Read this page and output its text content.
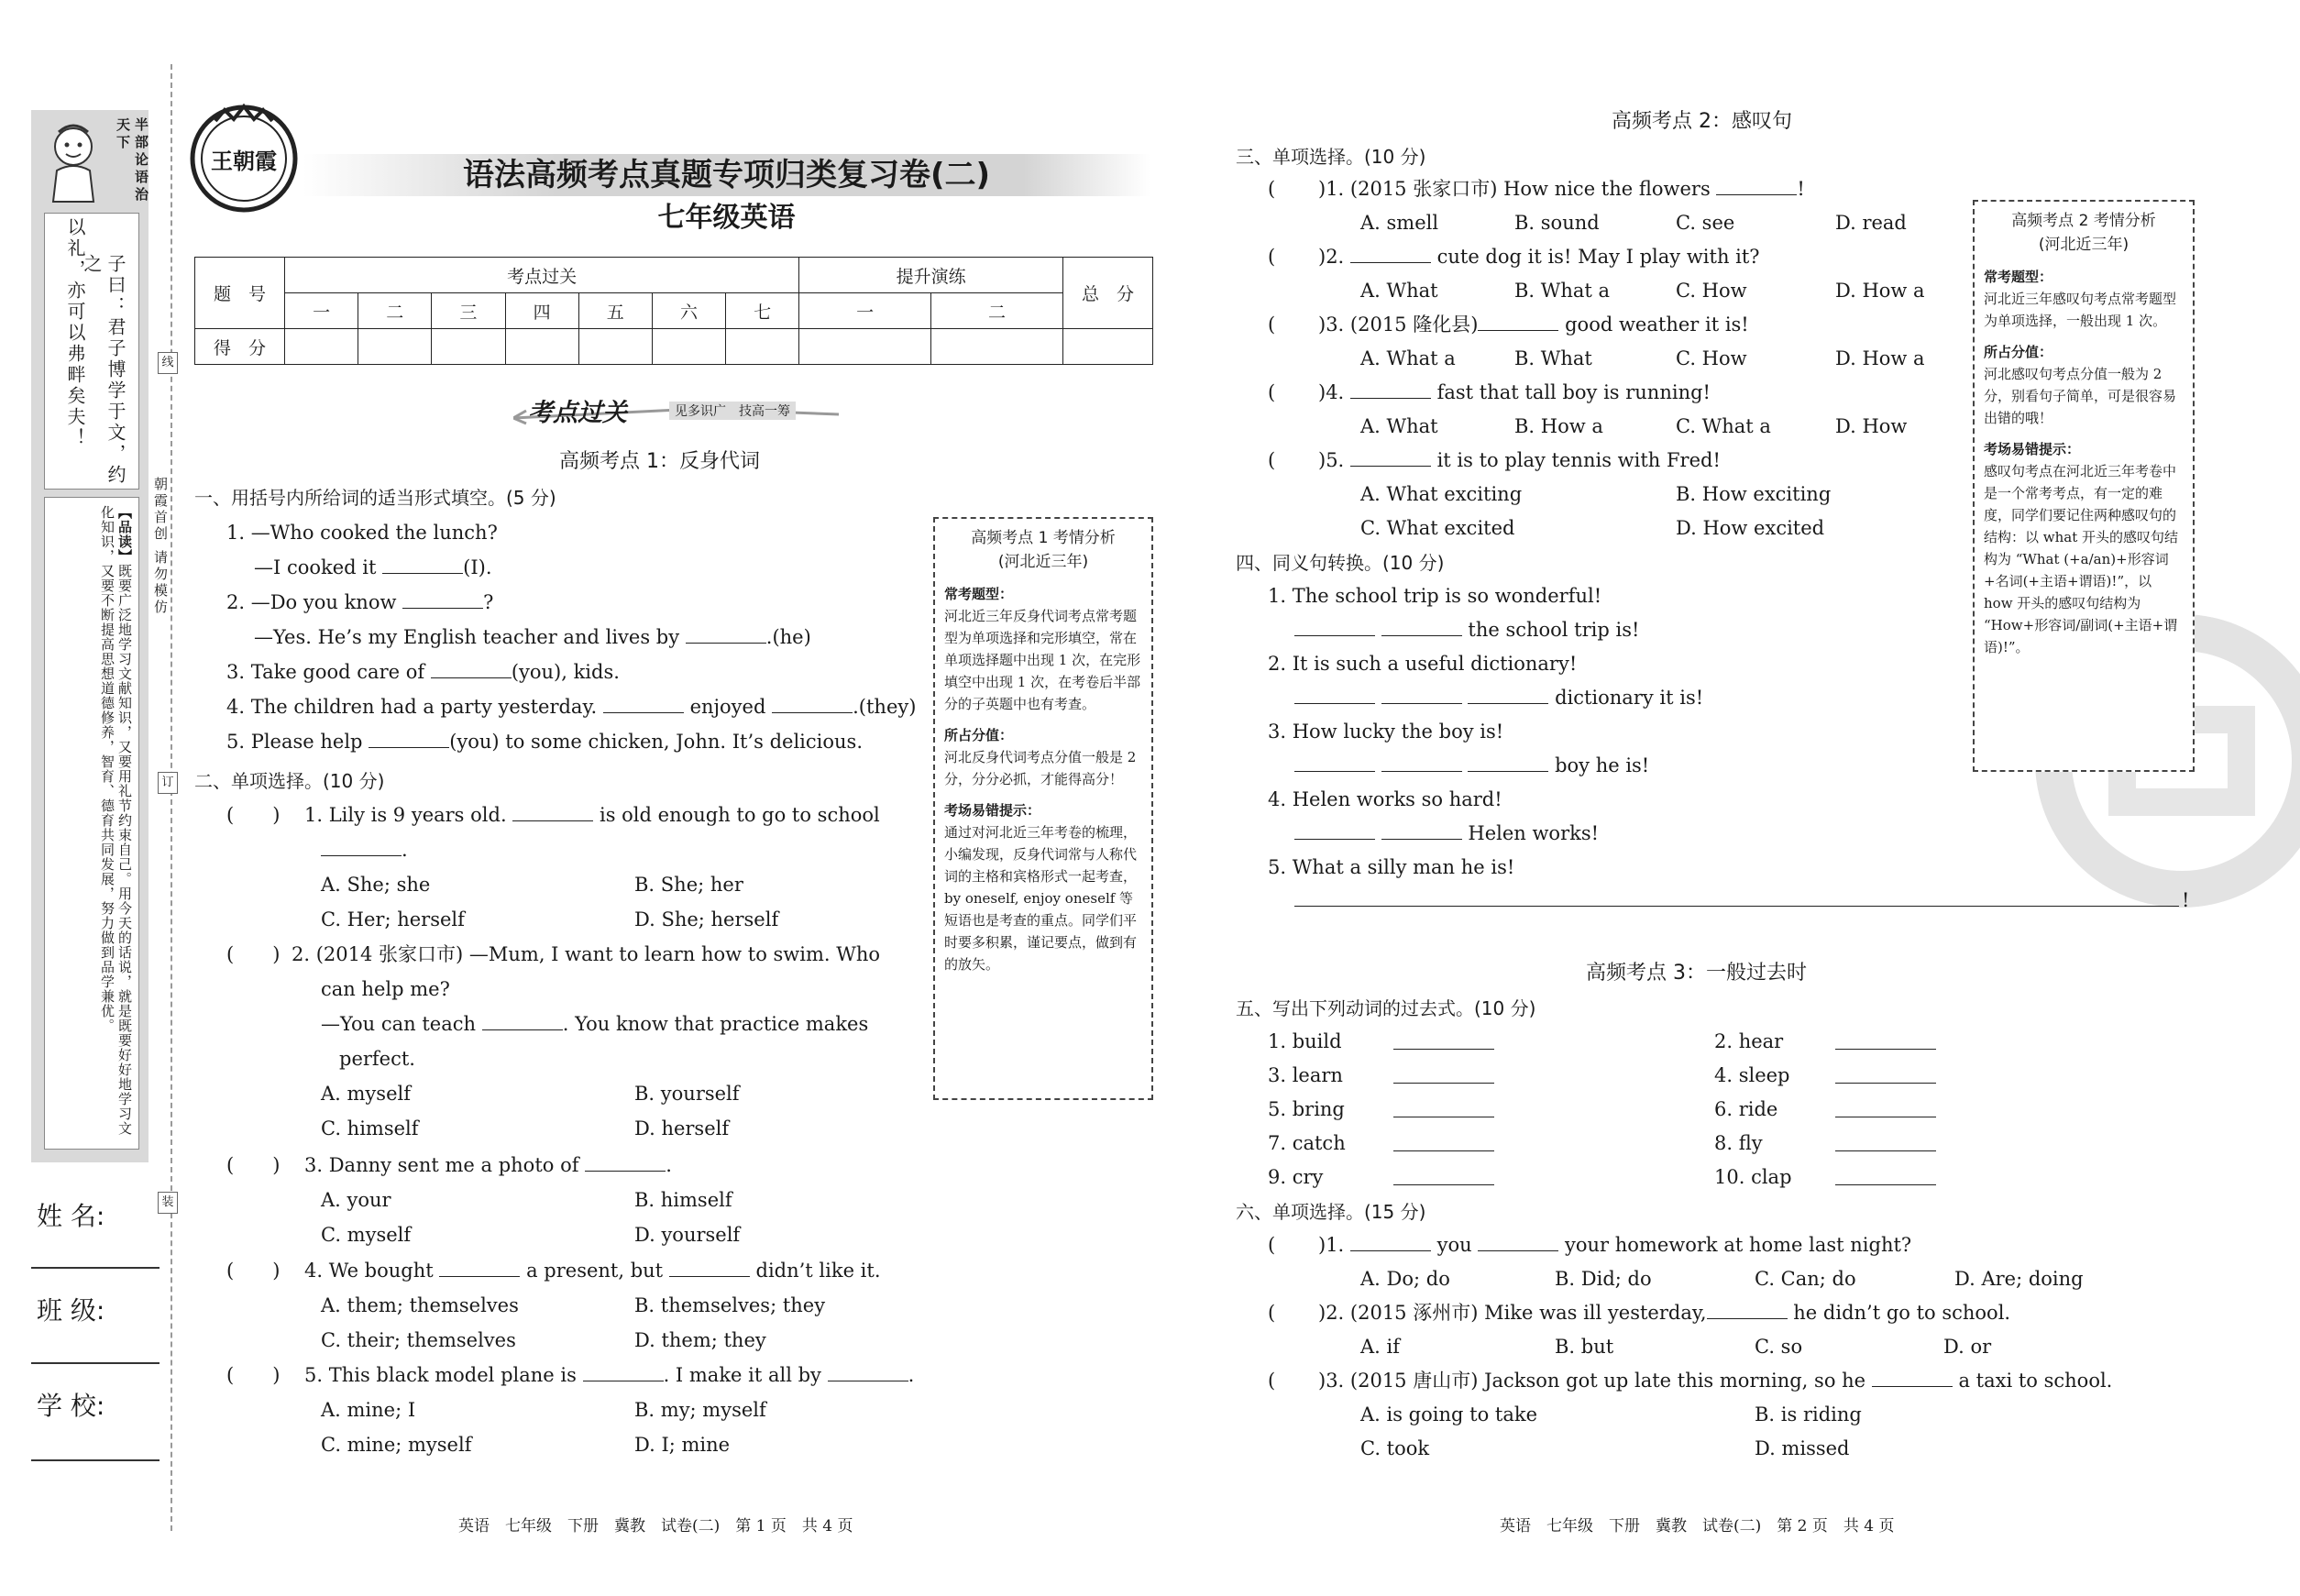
半部论语治天下
子曰：君子博学于文，约之
以礼，亦可以弗畔矣夫！
【品读】既要广泛地学习文献知识，又要用礼节约束自己。用今天的话说，就是既要好好地学习文化知识，又要不断提高思想道德修养，智育、德育共同发展，努力做到品学兼优。	朝霞首创 请勿模仿
线
订
装
姓 名:
班 级:
学 校:
王朝霞	语法高频考点真题专项归类复习卷(二)
七年级英语
题　号	考点过关							提升演练		总　分
	一	二	三	四	五	六	七	一	二	
得　分										
考点过关	见多识广　技高一筹
高频考点 1：反身代词
一、用括号内所给词的适当形式填空。(5 分)
1. —Who cooked the lunch?
—I cooked it	(I).
2. —Do you know	?
—Yes. He’s my English teacher and lives by	.(he)
3. Take good care of	(you), kids.
4. The children had a party yesterday.	enjoyed	.(they)
5. Please help	(you) to some chicken, John. It’s delicious.
二、单项选择。(10 分)
(　　) 1. Lily is 9 years old.	is old enough to go to school
.
A. She; she	B. She; her
C. Her; herself	D. She; herself
(　　) 2. (2014 张家口市) —Mum, I want to learn how to swim. Who
can help me?
—You can teach	. You know that practice makes
perfect.
A. myself	B. yourself
C. himself	D. herself
(　　) 3. Danny sent me a photo of	.
A. your	B. himself
C. myself	D. yourself
(　　) 4. We bought	a present, but	didn’t like it.
A. them; themselves	B. themselves; they
C. their; themselves	D. them; they
(　　) 5. This black model plane is	. I make it all by	.
A. mine; I	B. my; myself
C. mine; myself	D. I; mine
高频考点 1 考情分析
(河北近三年)
常考题型：
河北近三年反身代词考点常考题型为单项选择和完形填空，常在单项选择题中出现 1 次，在完形填空中出现 1 次，在考卷后半部分的子英题中也有考查。
所占分值：
河北反身代词考点分值一般是 2 分，分分必抓，才能得高分！
考场易错提示：
通过对河北近三年考卷的梳理，小编发现，反身代词常与人称代词的主格和宾格形式一起考查，by oneself, enjoy oneself 等短语也是考查的重点。同学们平时要多积累，谨记要点，做到有的放矢。
英语　七年级　下册　冀教　试卷(二)　第 1 页　共 4 页
高频考点 2：感叹句
三、单项选择。(10 分)
(　　 )1. (2015 张家口市) How nice the flowers	!
A. smell	B. sound	C. see	D. read
(　　 )2.	cute dog it is! May I play with it?
A. What	B. What a	C. How	D. How a
(　　 )3. (2015 隆化县)	good weather it is!
A. What a	B. What	C. How	D. How a
(　　 )4.	fast that tall boy is running!
A. What	B. How a	C. What a	D. How
(　　 )5.	it is to play tennis with Fred!
A. What exciting	B. How exciting
C. What excited	D. How excited
四、同义句转换。(10 分)
1. The school trip is so wonderful!
the school trip is!
2. It is such a useful dictionary!
dictionary it is!
3. How lucky the boy is!
boy he is!
4. Helen works so hard!
Helen works!
5. What a silly man he is!
!
高频考点 2 考情分析
(河北近三年)
常考题型：
河北近三年感叹句考点常考题型为单项选择，一般出现 1 次。
所占分值：
河北感叹句考点分值一般为 2 分，别看句子简单，可是很容易出错的哦！
考场易错提示：
感叹句考点在河北近三年考卷中是一个常考考点，有一定的难度，同学们要记住两种感叹句的结构：以 what 开头的感叹句结构为 “What (+a/an)+形容词+名词(+主语+谓语)!”，以 how 开头的感叹句结构为 “How+形容词/副词(+主语+谓语)!”。
高频考点 3：一般过去时
五、写出下列动词的过去式。(10 分)
1. build	2. hear
3. learn	4. sleep
5. bring	6. ride
7. catch	8. fly
9. cry	10. clap
六、单项选择。(15 分)
(　　 )1.	you	your homework at home last night?
A. Do; do	B. Did; do	C. Can; do	D. Are; doing
(　　 )2. (2015 涿州市) Mike was ill yesterday,	he didn’t go to school.
A. if	B. but	C. so	D. or
(　　 )3. (2015 唐山市) Jackson got up late this morning, so he	a taxi to school.
A. is going to take	B. is riding
C. took	D. missed
英语　七年级　下册　冀教　试卷(二)　第 2 页　共 4 页
